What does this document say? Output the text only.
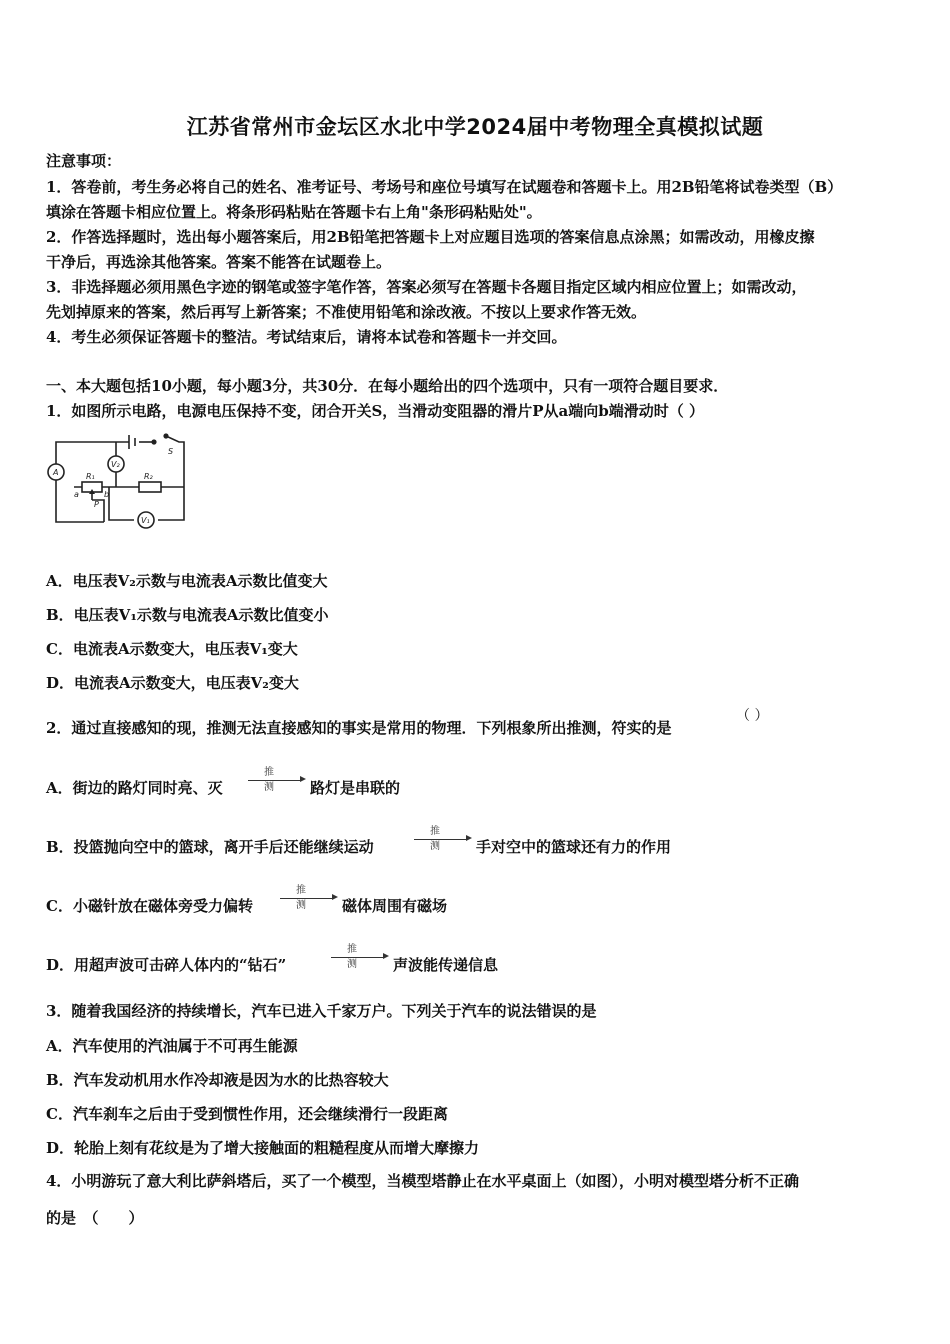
江苏省常州市金坛区水北中学2024届中考物理全真模拟试题
注意事项：
1．答卷前，考生务必将自己的姓名、准考证号、考场号和座位号填写在试题卷和答题卡上。用2B铅笔将试卷类型（B）
填涂在答题卡相应位置上。将条形码粘贴在答题卡右上角"条形码粘贴处"。
2．作答选择题时，选出每小题答案后，用2B铅笔把答题卡上对应题目选项的答案信息点涂黑；如需改动，用橡皮擦
干净后，再选涂其他答案。答案不能答在试题卷上。
3．非选择题必须用黑色字迹的钢笔或签字笔作答，答案必须写在答题卡各题目指定区域内相应位置上；如需改动，
先划掉原来的答案，然后再写上新答案；不准使用铅笔和涂改液。不按以上要求作答无效。
4．考生必须保证答题卡的整洁。考试结束后，请将本试卷和答题卡一并交回。
一、本大题包括10小题，每小题3分，共30分．在每小题给出的四个选项中，只有一项符合题目要求．
1．如图所示电路，电源电压保持不变，闭合开关S，当滑动变阻器的滑片P从a端向b端滑动时（ ）
A
V₂
V₁
S
R₁	R₂
a	b
P
A．电压表V₂示数与电流表A示数比值变大
B．电压表V₁示数与电流表A示数比值变小
C．电流表A示数变大，电压表V₁变大
D．电流表A示数变大，电压表V₂变大
2．通过直接感知的现，推测无法直接感知的事实是常用的物理．下列根象所出推测，符实的是
（ ）
A．街边的路灯同时亮、灭
推测 路灯是串联的
B．投篮抛向空中的篮球，离开手后还能继续运动
推测 手对空中的篮球还有力的作用
C．小磁针放在磁体旁受力偏转
推测 磁体周围有磁场
D．用超声波可击碎人体内的“钻石”
推测 声波能传递信息
3．随着我国经济的持续增长，汽车已进入千家万户。下列关于汽车的说法错误的是
A．汽车使用的汽油属于不可再生能源
B．汽车发动机用水作冷却液是因为水的比热容较大
C．汽车刹车之后由于受到惯性作用，还会继续滑行一段距离
D．轮胎上刻有花纹是为了增大接触面的粗糙程度从而增大摩擦力
4．小明游玩了意大利比萨斜塔后，买了一个模型，当模型塔静止在水平桌面上（如图），小明对模型塔分析不正确
的是　（　　）
